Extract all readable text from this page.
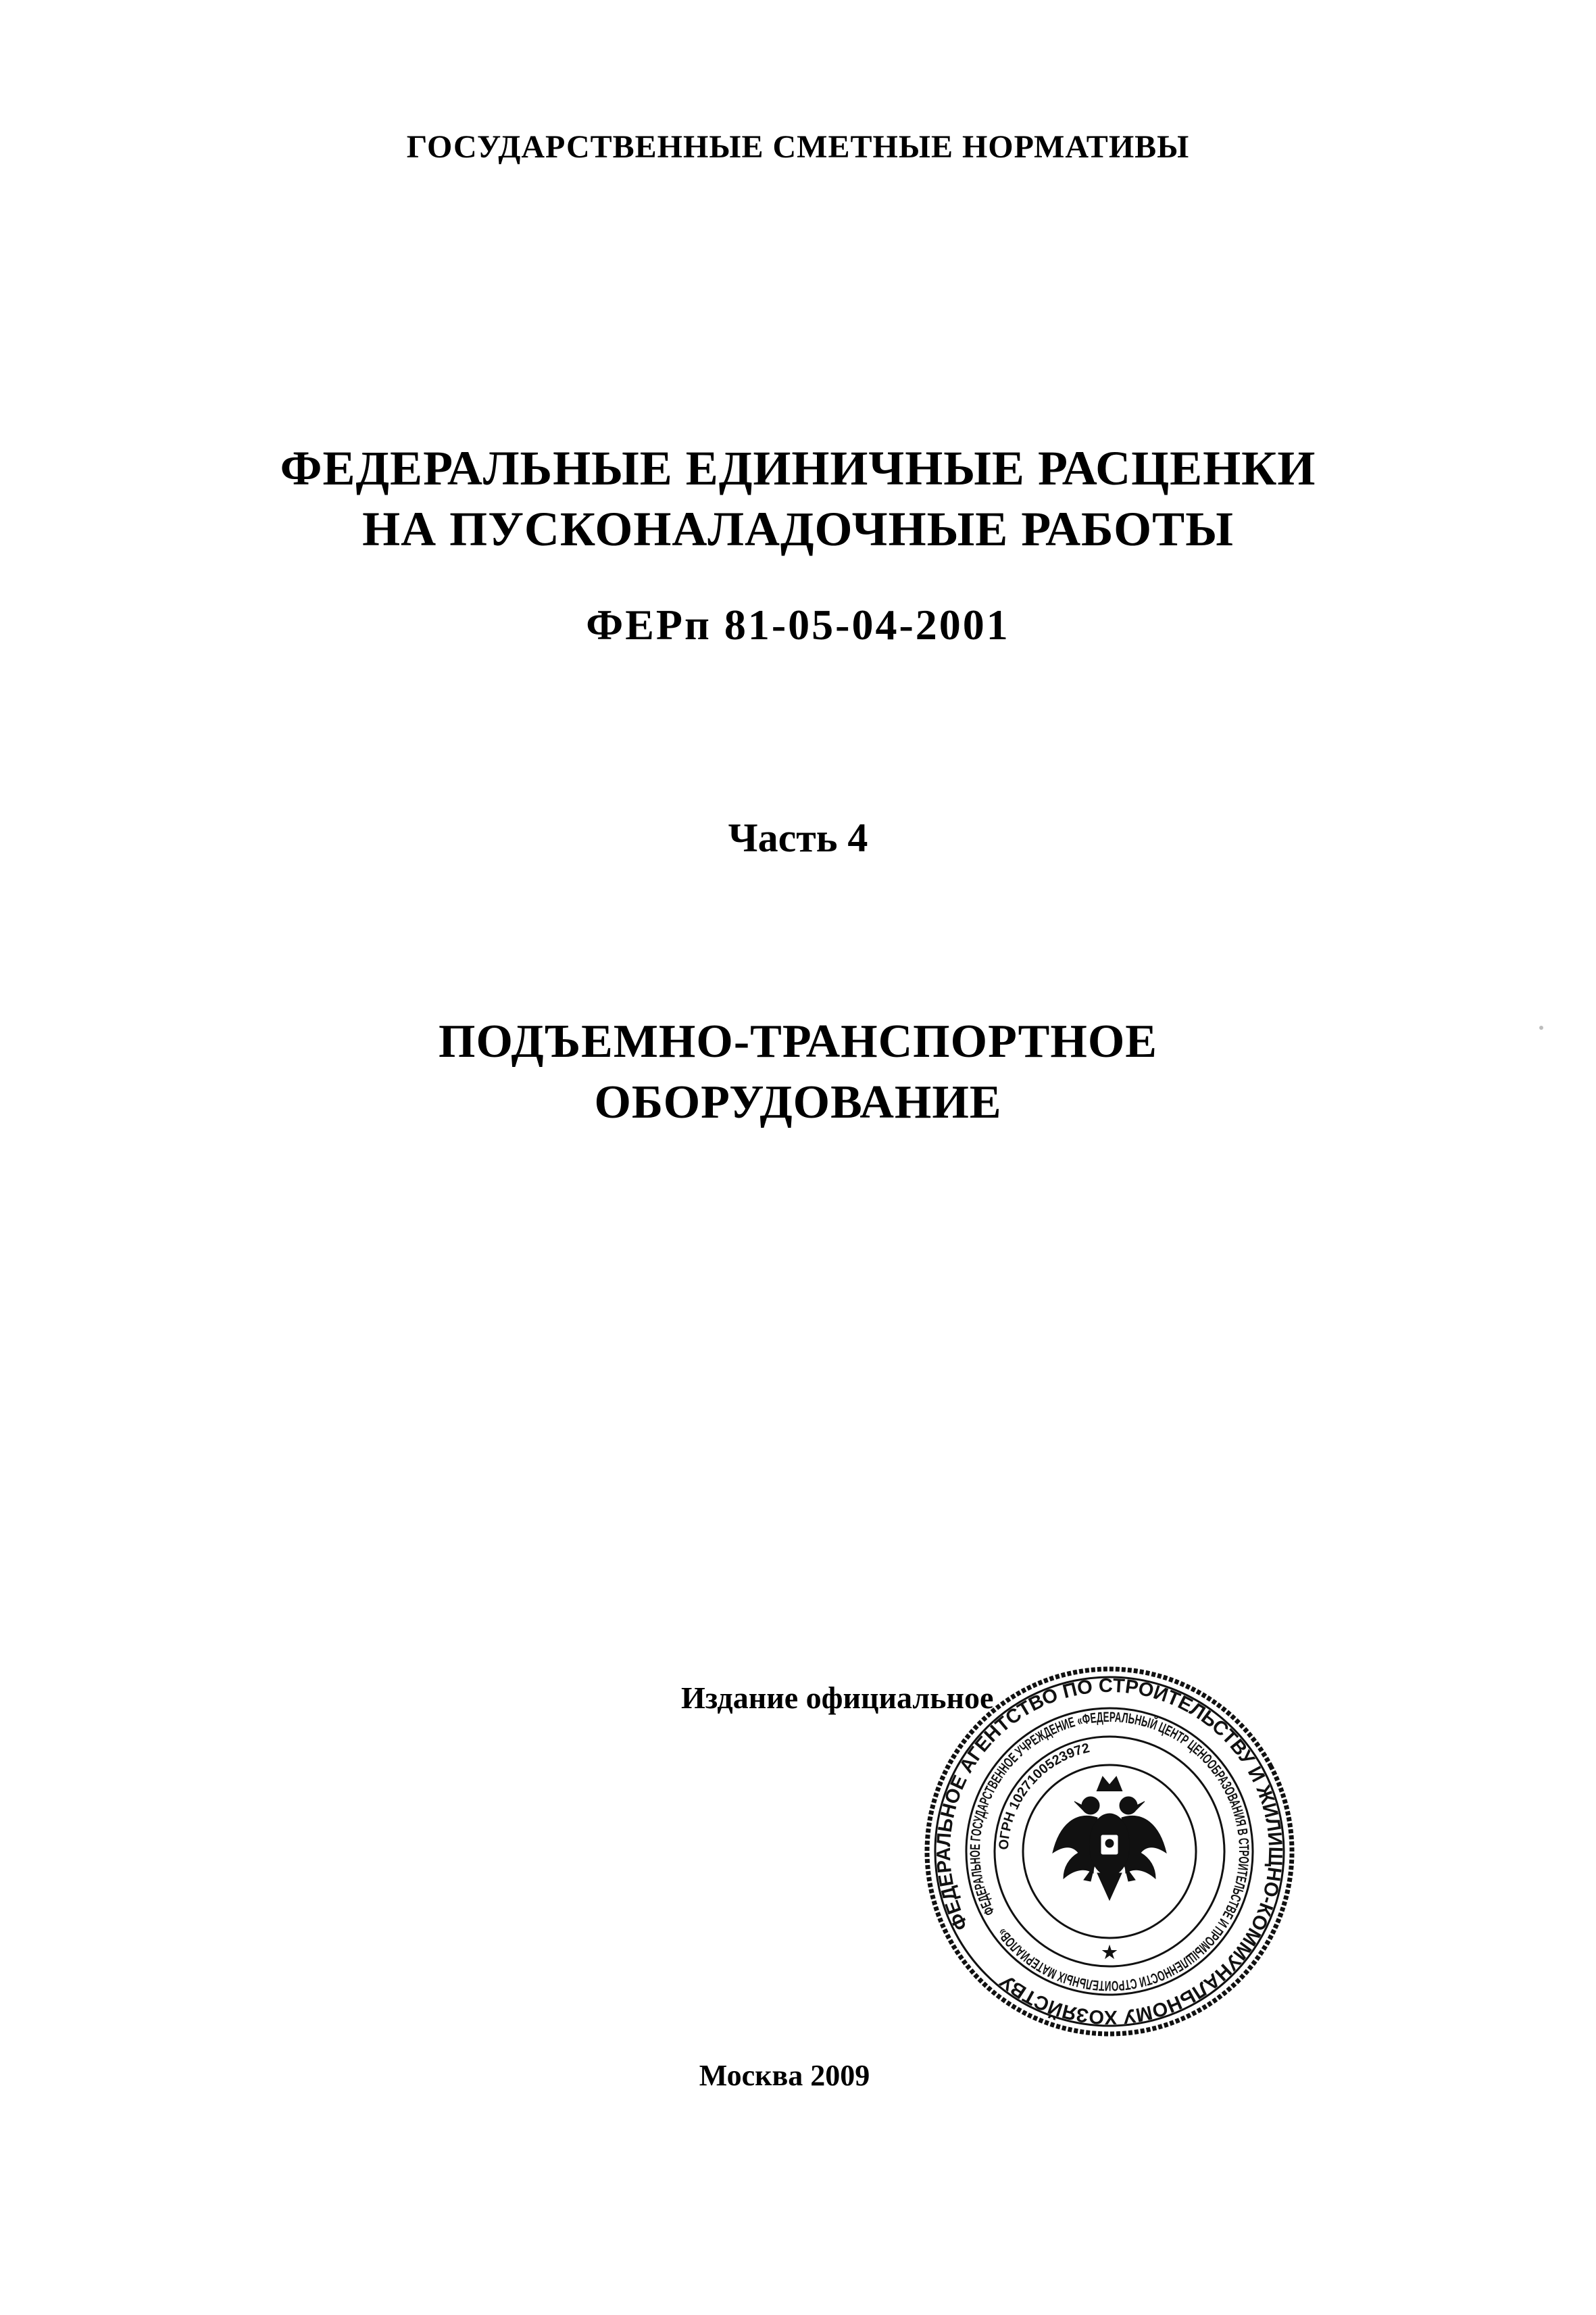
ГОСУДАРСТВЕННЫЕ СМЕТНЫЕ НОРМАТИВЫ
ФЕДЕРАЛЬНЫЕ ЕДИНИЧНЫЕ РАСЦЕНКИ
НА ПУСКОНАЛАДОЧНЫЕ РАБОТЫ
ФЕРп 81-05-04-2001
Часть 4
ПОДЪЕМНО-ТРАНСПОРТНОЕ
ОБОРУДОВАНИЕ
Издание официальное
Москва 2009
ФЕДЕРАЛЬНОЕ АГЕНТСТВО ПО СТРОИТЕЛЬСТВУ И ЖИЛИЩНО-КОММУНАЛЬНОМУ ХОЗЯЙСТВУ
ФЕДЕРАЛЬНОЕ ГОСУДАРСТВЕННОЕ УЧРЕЖДЕНИЕ «ФЕДЕРАЛЬНЫЙ ЦЕНТР ЦЕНООБРАЗОВАНИЯ В СТРОИТЕЛЬСТВЕ И ПРОМЫШЛЕННОСТИ СТРОИТЕЛЬНЫХ МАТЕРИАЛОВ»
ОГРН 1027100523972
★
